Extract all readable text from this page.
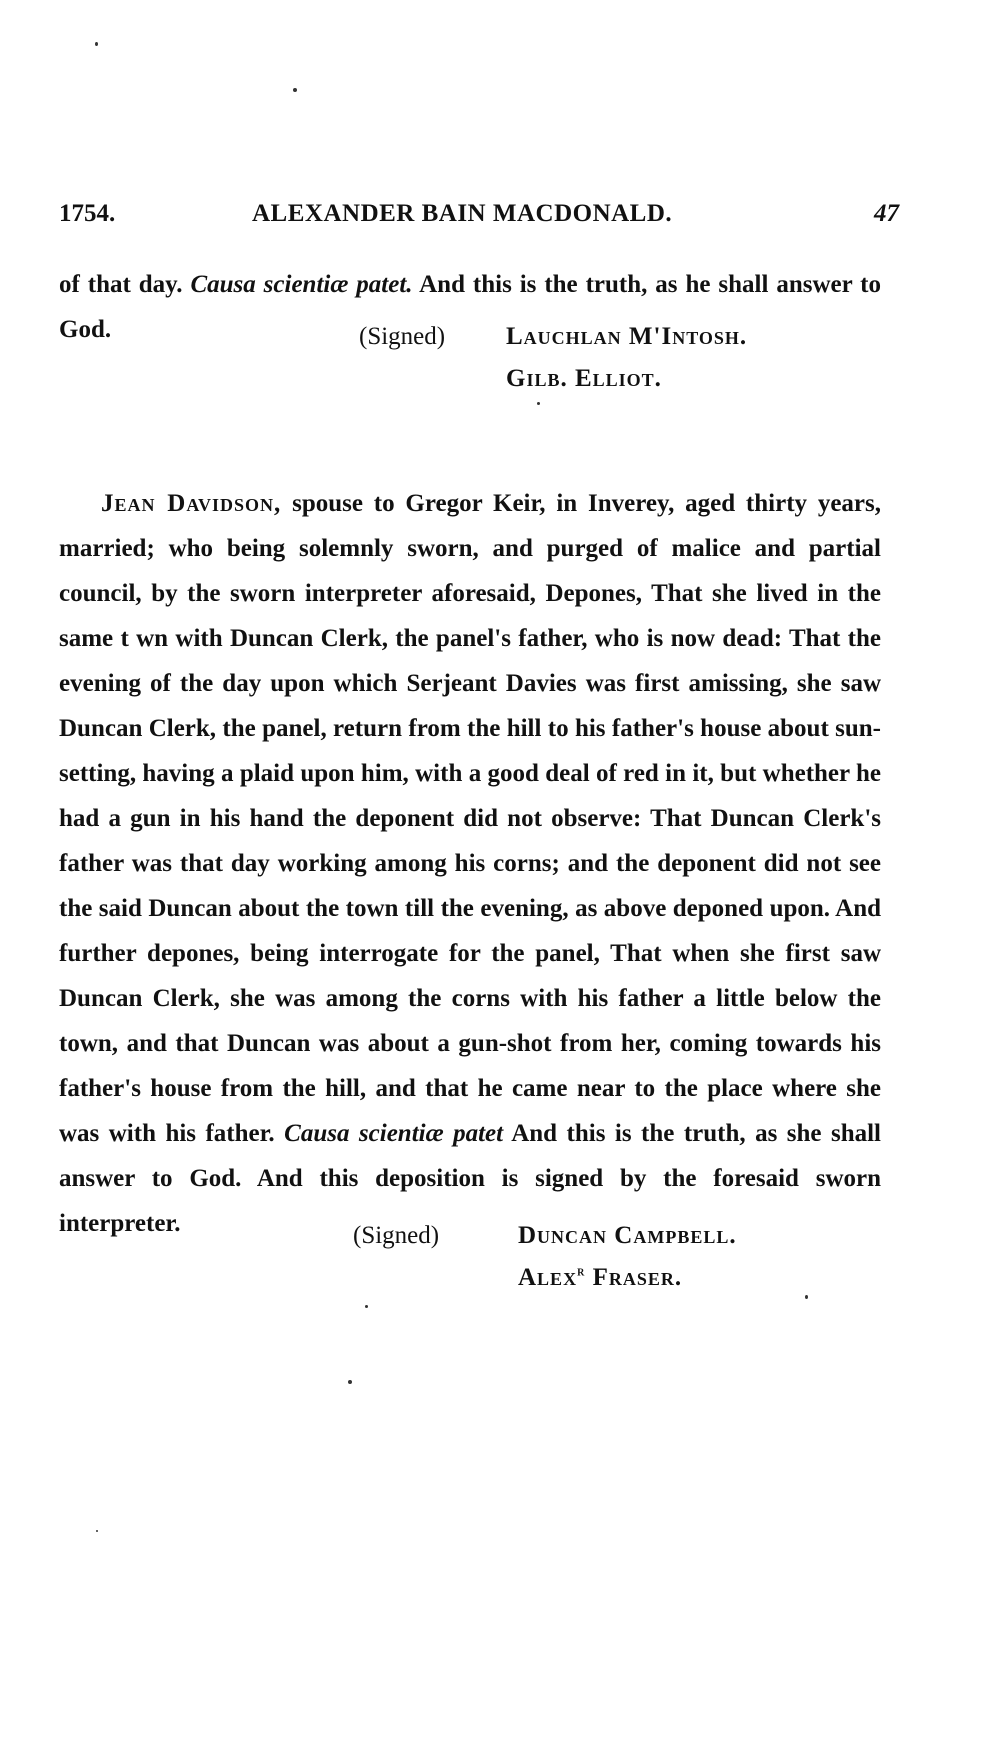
1754.	ALEXANDER BAIN MACDONALD.	47
of that day. Causa scientiæ patet. And this is the truth, as he shall answer to God.	(Signed) Lauchlan M'Intosh.
Gilb. Elliot.
Jean Davidson, spouse to Gregor Keir, in Inverey, aged thirty years, married; who being solemnly sworn, and purged of malice and partial council, by the sworn interpreter aforesaid, Depones, That she lived in the same t wn with Duncan Clerk, the panel's father, who is now dead: That the evening of the day upon which Serjeant Davies was first amissing, she saw Duncan Clerk, the panel, return from the hill to his father's house about sun-setting, having a plaid upon him, with a good deal of red in it, but whether he had a gun in his hand the deponent did not observe: That Duncan Clerk's father was that day working among his corns; and the deponent did not see the said Duncan about the town till the evening, as above deponed upon. And further depones, being interrogate for the panel, That when she first saw Duncan Clerk, she was among the corns with his father a little below the town, and that Duncan was about a gun-shot from her, coming towards his father's house from the hill, and that he came near to the place where she was with his father. Causa scientiæ patet And this is the truth, as she shall answer to God. And this deposition is signed by the foresaid sworn interpreter.	(Signed)	Duncan Campbell.
Alex$^r$ Fraser.
